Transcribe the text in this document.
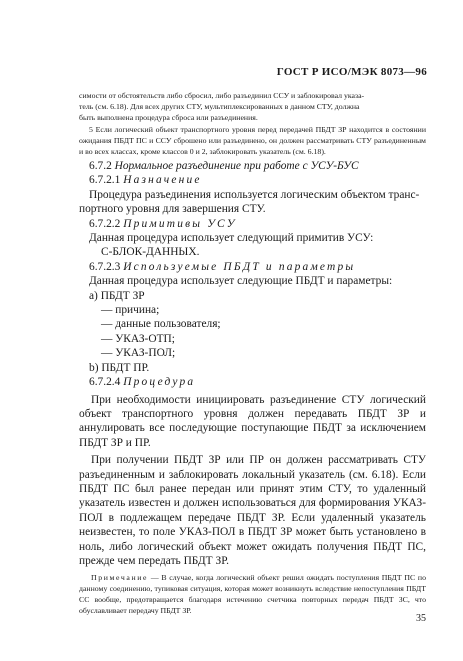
ГОСТ Р ИСО/МЭК 8073—96

симости от обстоятельств либо сбросил, либо разъединил ССУ и заблокировал указа-

тель (см. 6.18). Для всех других СТУ, мультиплексированных в данном СТУ, должна

быть выполнена процедура сброса или разъединения.

5 Если логический объект транспортного уровня перед передачей ПБДТ ЗР находится в состоянии ожидания ПБДТ ПС и ССУ сброшено или разъединено, он должен рассматривать СТУ разъединенным и во всех классах, кроме классов 0 и 2, заблокировать указатель (см. 6.18).

6.7.2 Нормальное разъединение при работе с УСУ-БУС

6.7.2.1 Назначение

Процедура разъединения используется логическим объектом транс-

портного уровня для завершения СТУ.

6.7.2.2 Примитивы УСУ

Данная процедура использует следующий примитив УСУ:

С-БЛОК-ДАННЫХ.

6.7.2.3 Используемые ПБДТ и параметры

Данная процедура использует следующие ПБДТ и параметры:

a) ПБДТ ЗР

— причина;

— данные пользователя;

— УКАЗ-ОТП;

— УКАЗ-ПОЛ;

b) ПБДТ ПР.

6.7.2.4 Процедура

При необходимости инициировать разъединение СТУ логический объект транспортного уровня должен передавать ПБДТ ЗР и аннулировать все последующие поступающие ПБДТ за исключением ПБДТ ЗР и ПР.

При получении ПБДТ ЗР или ПР он должен рассматривать СТУ разъединенным и заблокировать локальный указатель (см. 6.18). Если ПБДТ ПС был ранее передан или принят этим СТУ, то удаленный указатель известен и должен использоваться для формирования УКАЗ-ПОЛ в подлежащем передаче ПБДТ ЗР. Если удаленный указатель неизвестен, то поле УКАЗ-ПОЛ в ПБДТ ЗР может быть установлено в ноль, либо логический объект может ожидать получения ПБДТ ПС, прежде чем передать ПБДТ ЗР.

Примечание — В случае, когда логический объект решил ожидать поступления ПБДТ ПС по данному соединению, тупиковая ситуация, которая может возникнуть вследствие непоступления ПБДТ СС вообще, предотвращается благодаря истечению счетчика повторных передач ПБДТ ЗС, что обуславливает передачу ПБДТ ЗР.
35
